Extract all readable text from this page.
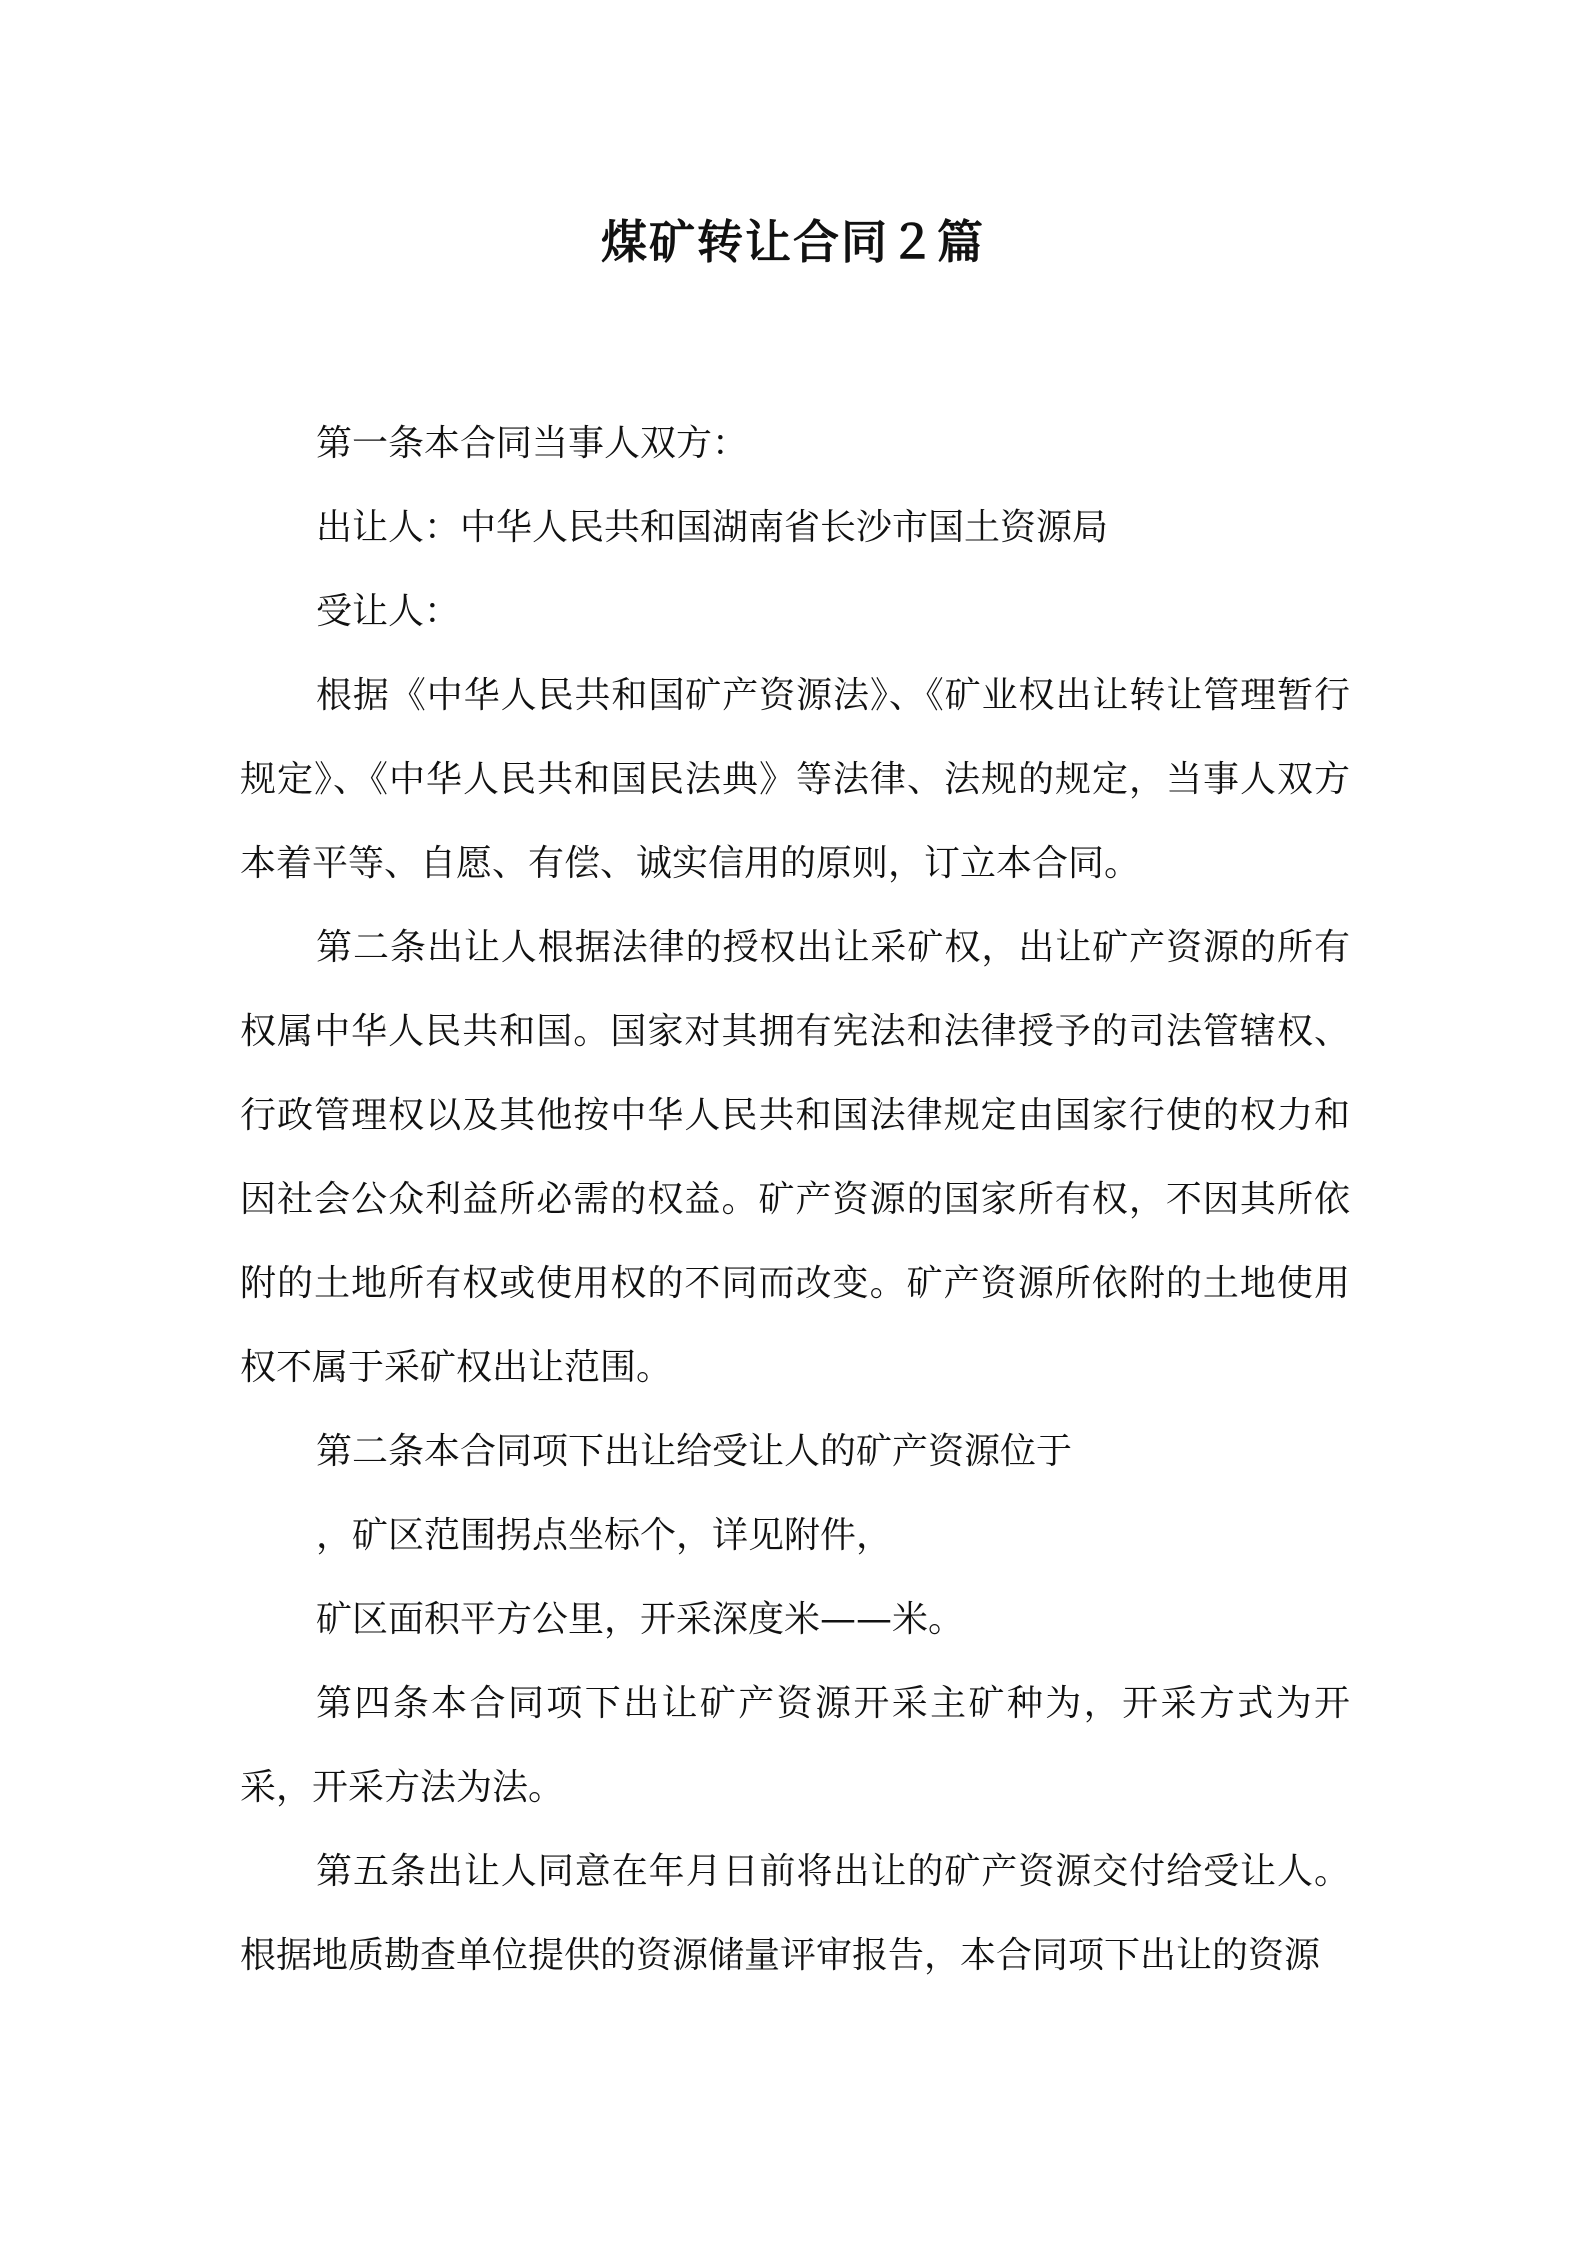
煤矿转让合同２篇

第一条本合同当事人双方：

出让人：中华人民共和国湖南省长沙市国土资源局

受让人：

根据《中华人民共和国矿产资源法》、《矿业权出让转让管理暂行规定》、《中华人民共和国民法典》等法律、法规的规定，当事人双方本着平等、自愿、有偿、诚实信用的原则，订立本合同。

第二条出让人根据法律的授权出让采矿权，出让矿产资源的所有权属中华人民共和国。国家对其拥有宪法和法律授予的司法管辖权、行政管理权以及其他按中华人民共和国法律规定由国家行使的权力和因社会公众利益所必需的权益。矿产资源的国家所有权，不因其所依附的土地所有权或使用权的不同而改变。矿产资源所依附的土地使用权不属于采矿权出让范围。

第二条本合同项下出让给受让人的矿产资源位于

，矿区范围拐点坐标个，详见附件，

矿区面积平方公里，开采深度米——米。

第四条本合同项下出让矿产资源开采主矿种为，开采方式为开采，开采方法为法。

第五条出让人同意在年月日前将出让的矿产资源交付给受让人。根据地质勘查单位提供的资源储量评审报告，本合同项下出让的资源
